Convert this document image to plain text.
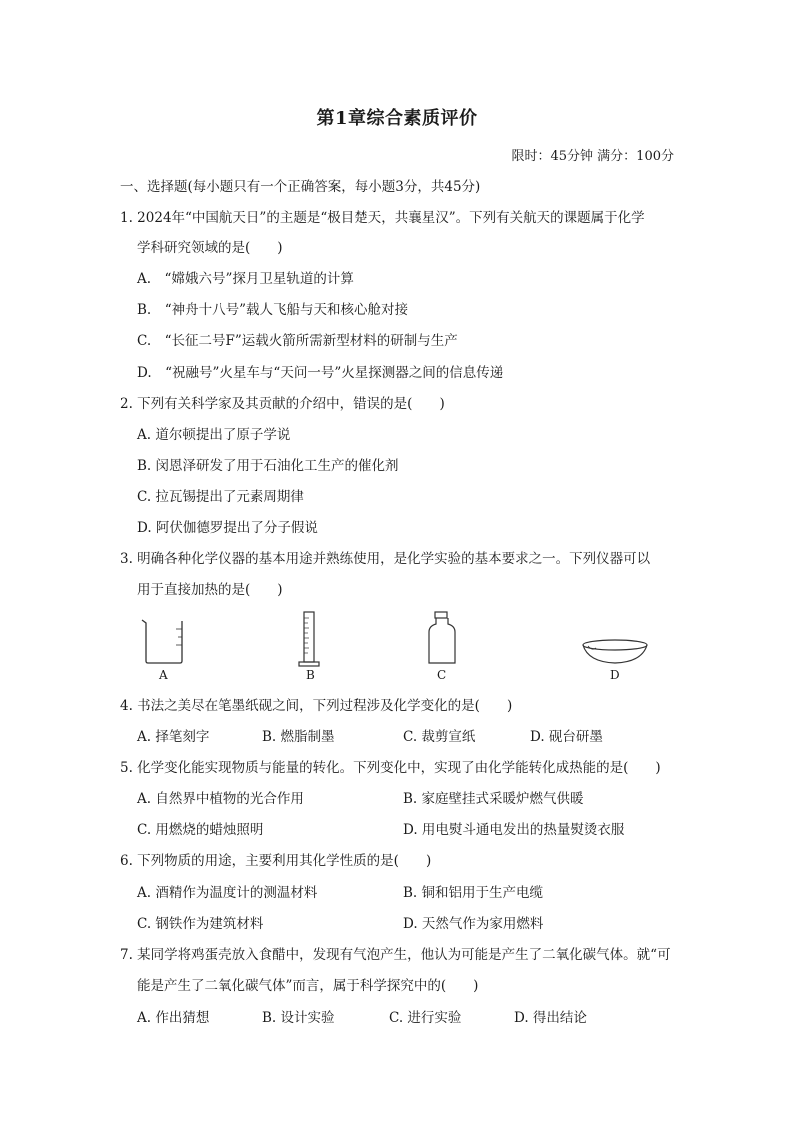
第1章综合素质评价
限时：45分钟 满分：100分
一、选择题(每小题只有一个正确答案，每小题3分，共45分)
1. 2024年“中国航天日”的主题是“极目楚天，共襄星汉”。下列有关航天的课题属于化学
学科研究领域的是(　　)
A.　“嫦娥六号”探月卫星轨道的计算
B.　“神舟十八号”载人飞船与天和核心舱对接
C.　“长征二号F”运载火箭所需新型材料的研制与生产
D.　“祝融号”火星车与“天问一号”火星探测器之间的信息传递
2. 下列有关科学家及其贡献的介绍中，错误的是(　　)
A. 道尔顿提出了原子学说
B. 闵恩泽研发了用于石油化工生产的催化剂
C. 拉瓦锡提出了元素周期律
D. 阿伏伽德罗提出了分子假说
3. 明确各种化学仪器的基本用途并熟练使用，是化学实验的基本要求之一。下列仪器可以
用于直接加热的是(　　)
A	B	C	D
4. 书法之美尽在笔墨纸砚之间，下列过程涉及化学变化的是(　　)
A. 择笔刻字	B. 燃脂制墨	C. 裁剪宣纸	D. 砚台研墨
5. 化学变化能实现物质与能量的转化。下列变化中，实现了由化学能转化成热能的是(　　)
A. 自然界中植物的光合作用	B. 家庭壁挂式采暖炉燃气供暖
C. 用燃烧的蜡烛照明	D. 用电熨斗通电发出的热量熨烫衣服
6. 下列物质的用途，主要利用其化学性质的是(　　)
A. 酒精作为温度计的测温材料	B. 铜和铝用于生产电缆
C. 钢铁作为建筑材料	D. 天然气作为家用燃料
7. 某同学将鸡蛋壳放入食醋中，发现有气泡产生，他认为可能是产生了二氧化碳气体。就“可
能是产生了二氧化碳气体”而言，属于科学探究中的(　　)
A. 作出猜想	B. 设计实验	C. 进行实验	D. 得出结论
